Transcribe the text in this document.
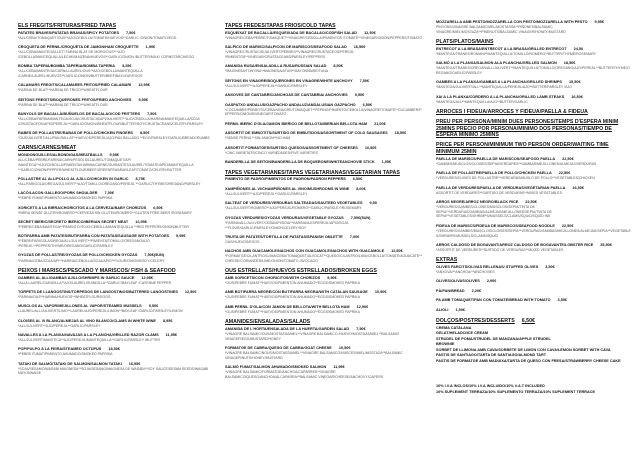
ELS FREGITS/FRITURAS/FRIED TAPAS
PATATES BRAVES/PATATAS BRAVAS/SPICY POTATOES 7,50€
*ALL/CEBA/TOMAQUET/OUS**AJO/CEBOLLA/TOMATE/HUEVOS**GARLIC /ONION/TOMATO/EGG
CROQUETA DE PERNIL/CROQUETA DE JAMON/HAM CROQUETTE 1,90€
*ALL/CEBA/MANTEGA/LLET/ FARINA BLAT DE MORO/OUS***AJO /CEBOLLA/MANTEQUILLA/LECHE/MAIZENA/HUEVOS**GARLIC/ONION /BUTTER/MILK/ CORNSTARCH/EGG
BOMBA TAPERIA/BOMBA TAPERIA/BOMBA TAPERIA 3,25€
*ALL/CEBA/MANTEGA/CARN/LLAUREL/OUS**AJO/CEBOLLA/MANTEQUILLA /CARNE/LAUREL/HUEVOS**GARLIC/ONION/BUTTER/BEEF/BAYLEAF/EGGS
CALAMARS FREGITS/CALAMARES FRITOS/FRIED CALAMARI 12,95€
*FARINA DE BLAT**HARINA DE TRIGO**WHEATFLOUR
SEITONS FREGITS/BOQUERONES FRITOS/FRIED ANCHOVIES 9,95€
*FARINA DE BLAT**HARINA DE TRIGO**WHEATFLOUR
BUNYOLS DE BACALLÀ/BUÑUELOS DE BACALAO/COD FRITTERS 7,50€
*ALL/CEBA/FARINA/MANTEGA/SOJA/CRUSTACIS/API/JULIVERT**AJO/CEBOLLA/HARINA/MANTEQUILLA/SOJA /CRUSTACEOS/APIO/PEREJIL**GARLIC/ONION/WHEATFLOUR/BUTTER/SOY/CRUSTACEANS/CELERY/PARSLEY
RABES DE POLLASTRE/RABAS DE POLLO/CHICKEN FINGERS 8,50€
*OUS/JULIVERT/ALL/PAN RALLAT**HUEVOS/PEREJIL/AJO/PAN RALLADO **EGG/PARSLEY/GARLIC/BREADCRUMBS
CARNS/CARNES/MEAT
MONDONGUILLES/ALBONDIGAS/MEATBALLS 9,95€
ALL/CEBA/PEBRE/FARINA/CARN/PESOLS/LLAUREL/TOMAQUET/API /MANTEGA**AJO/CEBOLLA/PIMIENTA/HARINA/CARNE/GUISANTES/LAUREL/TOMATE/APIO/MANTEQUILLA **GARLIC/ONION/PEPPER/WHEATFLOUR/BEEF/GREENPEAS/BAYLEAF/TOMATO/CELERY/BUTTER
POLLASTRE AL ALL/POLLO AL AJILLO/CHICKEN IN GARLIC 8,75€
*ALL/FARIGOLA/OREGA/JULIVERT**AJO/TOMILLO/OREGANO/PEREJIL **GARLIC/THYME/OREGANO/PARSLEY
LACÓ/LACON GALLEGO/PORK SHOULDER 7,00€
*PEBRE FUMAT/PIMIENTO AHUMADO/SMOKED PAPRIKA
XORICETS A LA BIRRA/CHORICITOS A LA CERVEZA/BABY CHORIZOS 6,50€
*BIRRA SENSE GLUTEN/ROMERO**CERVEZA SIN GLUTEN/ROMERO**GLUTEN FREE BEER /ROSEMARY
SECRET IBERIC/SECRETO IBERICO/IBERIAN SECRET MEAT 12,95€
*PEBRE/CEBA/MANTEGA**PIMIENTO ROJO/CEBOLLA/MANTEQUILLA **RED PEPPERS/ONION/BUTTER
BOTIFARRA AMB PATATES/BUTIFARRA CON PATATAS/SAUSAGE WITH POTATOES 9,95€
*PEBRE/FARIGOLA/OREGA/ALL/JULIVERT**PIMIENTA/TOMILLO/OREGANO/AJO /PEREJIL**PEPPER/THYME/OREGANO/GARLIC/PARSLEY
GYOZAS DE POLLASTRE/GYOZAS DE POLLO/CHICKEN GYOZAS 7,50€(5UN)
*FARINA/CEBA/SOJA/API**HARINA/CEBOLLA/SOJA/APIO**FLOUR/ONIONS/SOY/CELERY
PEIXOS I MARISCS/PESCADO Y MARISCOS/ FISH & SEAFOOD
GAMBES AL ALL/GAMBAS AJILLO/SHRIMPS IN GARLIC SAUCE 12,95€
*ALL/LLAUREL/GUINDILLA**AJO/LAUREL/GUINDILLA**GARLIC/BAYLEAF /CAYENNE PEPPER
TORPETS DE LLANGOSTINS/TORPEDOS DE LANGOSTINOS/BATTERED LANGOSTINES 12,50€
*FARINA/OUS**HARINA/HUEVOS**WHEATFLOUR/EGGS
MUSCLOS AL VAPOR/MEJILLONES AL VAPOR/STEAMED MUSSELS 9,50€
LLAUREL/ALL/JULIVERT/LIMO**LAUREL/AJO/PEREJIL/LIMON**BAYLEAF /GARLIC/PARSLEY/LEMON
CLOISES AL VI BLANC/ALMEJAS AL VINO BLANCO/CLAMS IN WHITE WINE 8,95€
*ALL/JULIVERT**AJO/PEREJIL**GARLIC/PARSLEY
NAVALLES A LA PLANXA/NAVAJAS A LA PLANCHA/GRILLED RAZOR CLAMS 11,95€
*ALL/JULIVERT/MANTECA**AJO/PEREJIL/MANTEQUILLA**GARLIC/PARSLEY /BUTTER
POP/PULPO A LA FEIRA/STEAMED OCTUPUS 18,50€
*PEBRE FUMAT/PIMIENTO AHUMADO/SMOKED PAPRIKA
TATAKI DE SALMÓ/TATAKI DE SALMON/SALMON TATAKI 16,95€
*SOJA/SESAMO/WASABI MAIONESA**SOJA/SESAMO/MAONESA DE WASABI**SOY SAUCE/SESAM SEEDS/WASABI MAYONNAISE
TAPES FREDES/TAPAS FRIOS/COLD TAPAS
ESQUEIXAT DE BACALLÀ/ESQUEIXADA DE BACALAO/CODFISH SALAD 12,50€
*VINAGRE/CEBA/PEBRE/TOMAQUET**VINAGRE/CEBOLLA/PIMIENTOS /TOMATE**VINEGAR/ONION/PEPPERS/TOMATO
SALPICO DE MARISC/SALPICON DE MARISCOS/SEAFOOD SALAD 16,50€
*VINAGRE/CRUSTACIS/JULIVERT/PEBRES**VINAGRE/CRUSTACEOS/PEREJIL /PIMIENTOS**VINEGAR/CRUSTACEANS/PARSLEY/PEPPERS
AMANIDA RUSA/ENSALADILLA RUSA/RUSSIAN SALAD 8,50€
*MAIONESA/TONYINA**MAONESA/ATUN**MAYONNAISE/TUNA
SEITONS EN VINAGRE/BOQUERONES EN VINAGRE/WHITE ANCHOVY 7,50€
*ALL/JULIVERT**AJO/PEREJIL**GARLIC/PARSLEY
ANXOVES DE CANTABRIC/ANCHOAS DE CANTABRIA/ ANCHOVIES 9,50€
GASPATXO ANDALUS/GAZPACHO ANDALUZ/ANDALUSIAN GAZPACHO 6,50€
*COCUMBRE/PEBROTS/CEBA/VINAGRE/TOMAQUET**PEPINO/PIMIENTO/CEBOLLA/VINAGRE/TOMATE**CUCUMBER/PEPPERS/ONIONS/VINEGAR/TOMATO
PERNIL IBERIC D'GLA/JAMON IBERICO DE BELLOTA/IBERIAN BELLOTA HAM 21,00€
ASSORTIT DE EMBOTITS/SURTIDO DE EMBUTIDOS/ASSORTMENT OF COLD SAUSAGES 18,50€
*SENSE PERNIL**SIN JAMON**NO HAM
ASSORTIT FORMATGES/SURTIDO QUESOS/ASSORTMENT OF CHEESES 10,50€
*CINC VARIETATS/CINCO VARIEDADES/FIVE VARIETIES
BANDERILLA DE SEITON/BANDERILLA DE BOQUERONE/WHITEANCHOVIE STICK 1,95€
TAPES VEGETARIANES/TAPAS VEGETARIANAS/VEGETARIAN TAPAS
PIMIENTO DE PADRÓ/PIMIENTOS DE PADRON/PADRON PEPPERS 6,50€
XAMPIÑONES AL VI/CHAMPIÑONES AL VINO/MUSHROOMS IN WINE 8,00€
*ALL/JULIVERT**AJO/PEREJIL**GARLIC/PARSLEY
SALTEAT DE VERDURES/VERDURAS SALTEADAS/SAUTEED VEGETABLES 9,50
*ALL/JULIVERT/ROMERO**AJO/PEREJIL/ROMERO**GARLIC/PARSLEY/ROSEMARY
GYOZAS VERDURES/GYOZAS VERDURAS/VEGETABLE GYOZAS 7,50€(5UN)
*FARINA/ALL/JULIVERT/CEBA/API/SOIA**HARINA/AJO/PEREJIL/APIO/SOJA **FLOUR/GARLIC/PARSLEY/ONION/CELERY/SOY
TRUITA DE PATATES/TORTILLA DE PATATAS/SPANISH OMLETTE 7,00€
OUS/HUEVOS/EGGS
NACHOS AMB GUACAMOLE/NACHOS CON GUACAMOLE/NACHOS WITH GUACAMOLE 12,50€
*FORMATGE/CILANTRO/LLIMA/CEBA/TOMAQUET/ALVOCAT**QUESO/CILANTRO/LIMA/CEBOLLA/TOMATE/AGUACATE**CHEESE/CORIANDER/LIME/ONION/TOMATO /AVOCADO
OUS ESTRELLATS/HUEVOS ESTRELLADOS/BROKEN EGGS
AMB XORICETS/CON CHORICITOS/WITH CHORIZOS 9,90€
*OUS/PEBRE FUMAT**HUEVOS/PIMENTON AHUMADO**EGGS/SMOKED PAPRIKA
AMB BOTIFARRA NEGRE/CON BUTIFARRA NEGRA/WITH CATALAN SAUSAGE 10,90€
*OUS/PEBRE FUMAT**HUEVOS/PIMENTON AHUMADO**EGGS/SMOKED PAPRIKA
AMB PERNIL D'GLA/CON JAMON DE BELLOTA/WITH BELLOTA HAM 12,90€
*OUS/PEBRE FUMAT**HUEVOS/PIMENTON AHUMADO**EGGS/SMOKED PAPRIKA
AMANIDES/ENSALADAS/SALADS
AMANIDA DE L'HORTA/ENSALADA DE LA HUERTA/GARDEN SALAD 7,50€
*VINAGRE BALSAMIC/OUS/MOSTASSA/MEL**VINAGRE BALSAMICO /HUEVO/MOSTAZA/MIEL**BALSAMIC VINAGER/EGG/MUSTARD/HONEY
FORMATGE DE CABRA/QUESO DE CABRA/GOAT CHEESE 10,50€
*VINAGRE BALSAMIC/NOUS/MOSTASSA/MEL**VINAGRE BALSAMICO/NUECES/MIEL/MOSTAZA**BALSAMIC VINAGER/NUTS/HONEY/MUSTARD
SALMÓ FUMAT/SALMON AHUMADO/SMOKED SALMON 11,95€
*VINAGRE BALSAMIC/FORMATGE/ANCHOA/CAPARRES**VINAGRE BALSAMICO/QUESO/ANCHOA/ALCAPARRA**BALSAMIC VINEGAR/CHEESE/ANCHOVY/CAPERS
MOZZARELLA AMB PESTO/MOZZARELLA CON PESTO/MOZZARELLA WITH PESTO 9,95€
PINYONS/VINAGRE BALSAMIC/MEL/MOSTASSA**PIÑONES/BALSAMIC VINAGRE/MIEL/MOSTAZA**PINENUTS/BALSAMIC VINAGER/HONEY/MUSTARD
PLATS/PLATOS/MAINS
ENTRECOT A LA BRASA/ENTRECOT A LA BRASA/GRILLED ENTRECOT 24,50
*MANTEGA/TRANES/ROMANI**MANTEQUILLA/TOMILLO/ROMERO**BUTTER/THYME/ROSEMARY
SALMÓ A LA PLANXA/SALMON ALA PLANCHA/GRILLED SALMON 18,50€
*MANTEGA/TRANES/OREGAN/ALL/JULIVERT**MANTEQUILLA/TOMILLO/OREGANO/AJO/PEREJIL**BUTTER/THYME/OREGANO/GARLIC/PARSLEY
GAMBES A LA PLANXA/GAMBAS A LA PLANCHA/GRILLED SHRIMPS 15,50€
*MANTEGA/JULIVERT/ALL**MANTEQUILLA/PEREJIL/AJO**BUTTER/PARSLEY /AJO
XAI A LA PLANXA/CORDERO A LA PLANCHA/GRILLED LAMB STEAKS 16,50€
*MANTEGA/ALL**MANTEQUILLA/AJO**BUTTER/GARLIC
ARROCES I FIDEUA/ARROCES Y FIDEUA/PAELLA & FIDEUA
PREU PER PERSONA/MINIM DUES PERSONES/TEMPS D'ESPERA MINIM 25MINS PRECIO POR PERSONA/MINIMO DOS PERSONAS/TIEMPO DE ESPERA MINIMO 25MINS
PRICE PER PERSON/MINIMUM TWO PERSON ORDER/WAITING TIME MINIMUM 25MIN
PAELLA DE MARISCS/PAELLA DE MARISCOS/SEAFOOD PAELLA 22,50€
*GAMBES/MUSCLOS/CLOISES/SEPIA/VERDURES**GAMBAS/MEJILLONES/ALMEJAS/VERDURAS
PAELLA DE POLLASTRE/PAELLA DE POLLO/CHICKEN PAELLA 22,50€
*VERDURES/CUIXES DE POLLASTRE**VERDURAS/MUSLO DE POLLO**VEGETABLES/CHICKEN
PAELLA DE VERDURES/PAELLA DE VERDURAS/VEGETARIAN PAELLA 16,50€
ASSORTIT DE VERDURES**SURTIDO DE VERDURAS**MIXED VEGETABLES
ARROS NEGRE/ARROZ NEGRO/BLACK RICE 22,50€
*VERDURES/GAMBES/CLOISES/MUSCLOS/SEPIA/TINTA DE SEPIA**VERDURAS/GAMBAS/ALMEJAS/MEJILLONES/SEPIA/TINTA DE SEPIA**VEGETABLES/SHRIMPS/MUSSELS/CLAMS/SQUID/SQUID INK
FIDEUA DE MARISCS/FIDEUA DE MARISCOS/SEAFOOD NOODLE 22,50€
*VERDURES/GAMBES/MUSCLOS/CLOISES/SEPIA**VERDURAS/GAMBAS/MEJILLONES/ALMEJAS/SEPIA**VEGETABLES/SHRIMPS/MUSSELS/CLAMS/SQUID
ARROS CALDOSO DE BOGAVANT/ARROZ CALDOSO DE BOGAVANTE/LOBSTER RICE 35,50€
*ASSORTIT DE VERDURES**SURTIDO DE VERDURAS**MIXED VEGETABLES
EXTRAS
OLIVES FARCITS/OLIVAS RELLENAS/ STUFFED OLIVES 3,50€
*ANXOVA/**ANCHOA/**ANCHOVIES
OLIVES/OLIVAS/OLIVES 2,90€
PÀ/PAN/BREAD 2,20€
PA AMB TOMAQUET/PAN CON TOMATE/BREAD WITH TOMATO 3,50€
ALIOLI 1,50€
DOLÇOS/POSTRES/DESSERTS 6,50€
CREMA CATALANA
GELAT/HELADO/ICE CREAM
STRUDEL DE POMA/STRUDEL DE MANZANA/APPLE STRUDEL
BROWNIE
SORBET DE LLIMONA AMB CAVA/SORBETE DE LIMON CON CAVA/LEMON SORBET WITH CAVA
PASTIS DE SANTIAGO/TARTA DE SANTIAGO/ALMOND TART
PASTIS DE FORMATGE AMB MADUIXA/TARTA DE QUESO CON FRESA/STRAWBERRY CHEESE CAKE
10% I.V.A INCLOS/10% I.V.A INCLUIDO/10% V.A.T INCLUDED
10% SUPLEMENT TERRAZA/10% SUPLEMENTO TERRAZA/10% SUPLEMENT TERRACE
